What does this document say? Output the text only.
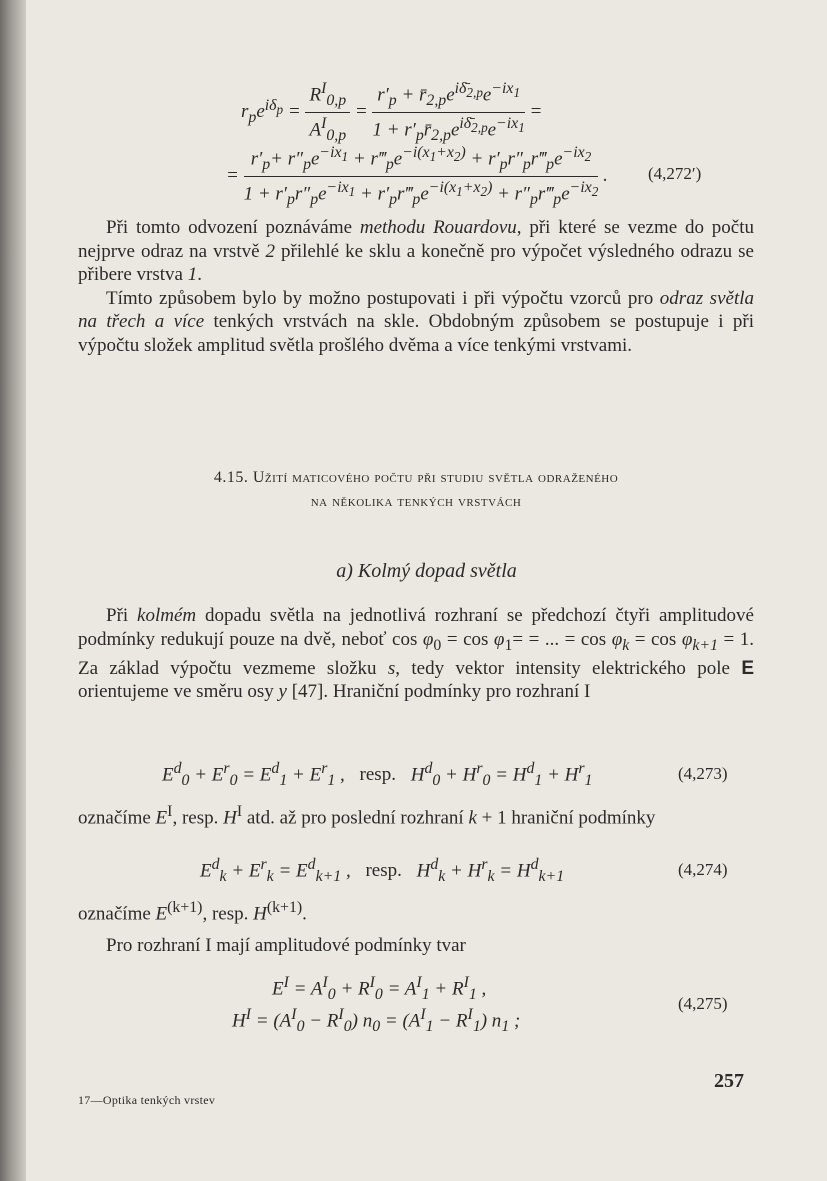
$r_pe^{i\delta_p} = \frac{R^I_{0,p}}{A^I_{0,p}} = \frac{r'_p + r̄_{2,p}e^{i\deltā_{2,p}}e^{-ix_1}}{1 + r'_pr̄_{2,p}e^{i\deltā_{2,p}}e^{-ix_1}}$ =
= $\frac{r'_p+ r''_pe^{-ix_1} + r‴_pe^{-i(x_1+x_2)} + r'_pr''_pr‴_pe^{-ix_2}}{1 + r'_pr''_pe^{-ix_1} + r'_pr‴_pe^{-i(x_1+x_2)} + r''_pr‴_pe^{-ix_2}}$ . (4,272′)

Při tomto odvození poznáváme methodu Rouardovu, při které se vezme do počtu nejprve odraz na vrstvě 2 přilehlé ke sklu a konečně pro výpočet výsledného odrazu se přibere vrstva 1.

Tímto způsobem bylo by možno postupovati i při výpočtu vzorců pro odraz světla na třech a více tenkých vrstvách na skle. Obdobným způsobem se postupuje i při výpočtu složek amplitud světla prošlého dvěma a více tenkými vrstvami.

4.15. Užití maticového počtu při studiu světla odraženého
na několika tenkých vrstvách
a) Kolmý dopad světla

Při kolmém dopadu světla na jednotlivá rozhraní se předchozí čtyři amplitudové podmínky redukují pouze na dvě, neboť $\cos \varphi_0 = \cos \varphi_1=$ = ... = $\cos \varphi_k = \cos \varphi_{k+1} = 1$. Za základ výpočtu vezmeme složku s, tedy vektor intensity elektrického pole E orientujeme ve směru osy y [47]. Hraniční podmínky pro rozhraní I

$E^d_0 + E^r_0 = E^d_1 + E^r_1$ , resp. $H^d_0 + H^r_0 = H^d_1 + H^r_1$	(4,273)

označíme $E^I$, resp. $H^I$ atd. až pro poslední rozhraní k + 1 hraniční podmínky

$E^d_k + E^r_k = E^d_{k+1}$ , resp. $H^d_k + H^r_k = H^d_{k+1}$	(4,274)

označíme $E^{(k+1)}$, resp. $H^{(k+1)}$.

Pro rozhraní I mají amplitudové podmínky tvar

$E^I = A^I_0 + R^I_0 = A^I_1 + R^I_1$ ,
$H^I = (A^I_0 - R^I_0) n_0 = (A^I_1 - R^I_1)$ $n_1$ ;
(4,275)
17—Optika tenkých vrstev
257
